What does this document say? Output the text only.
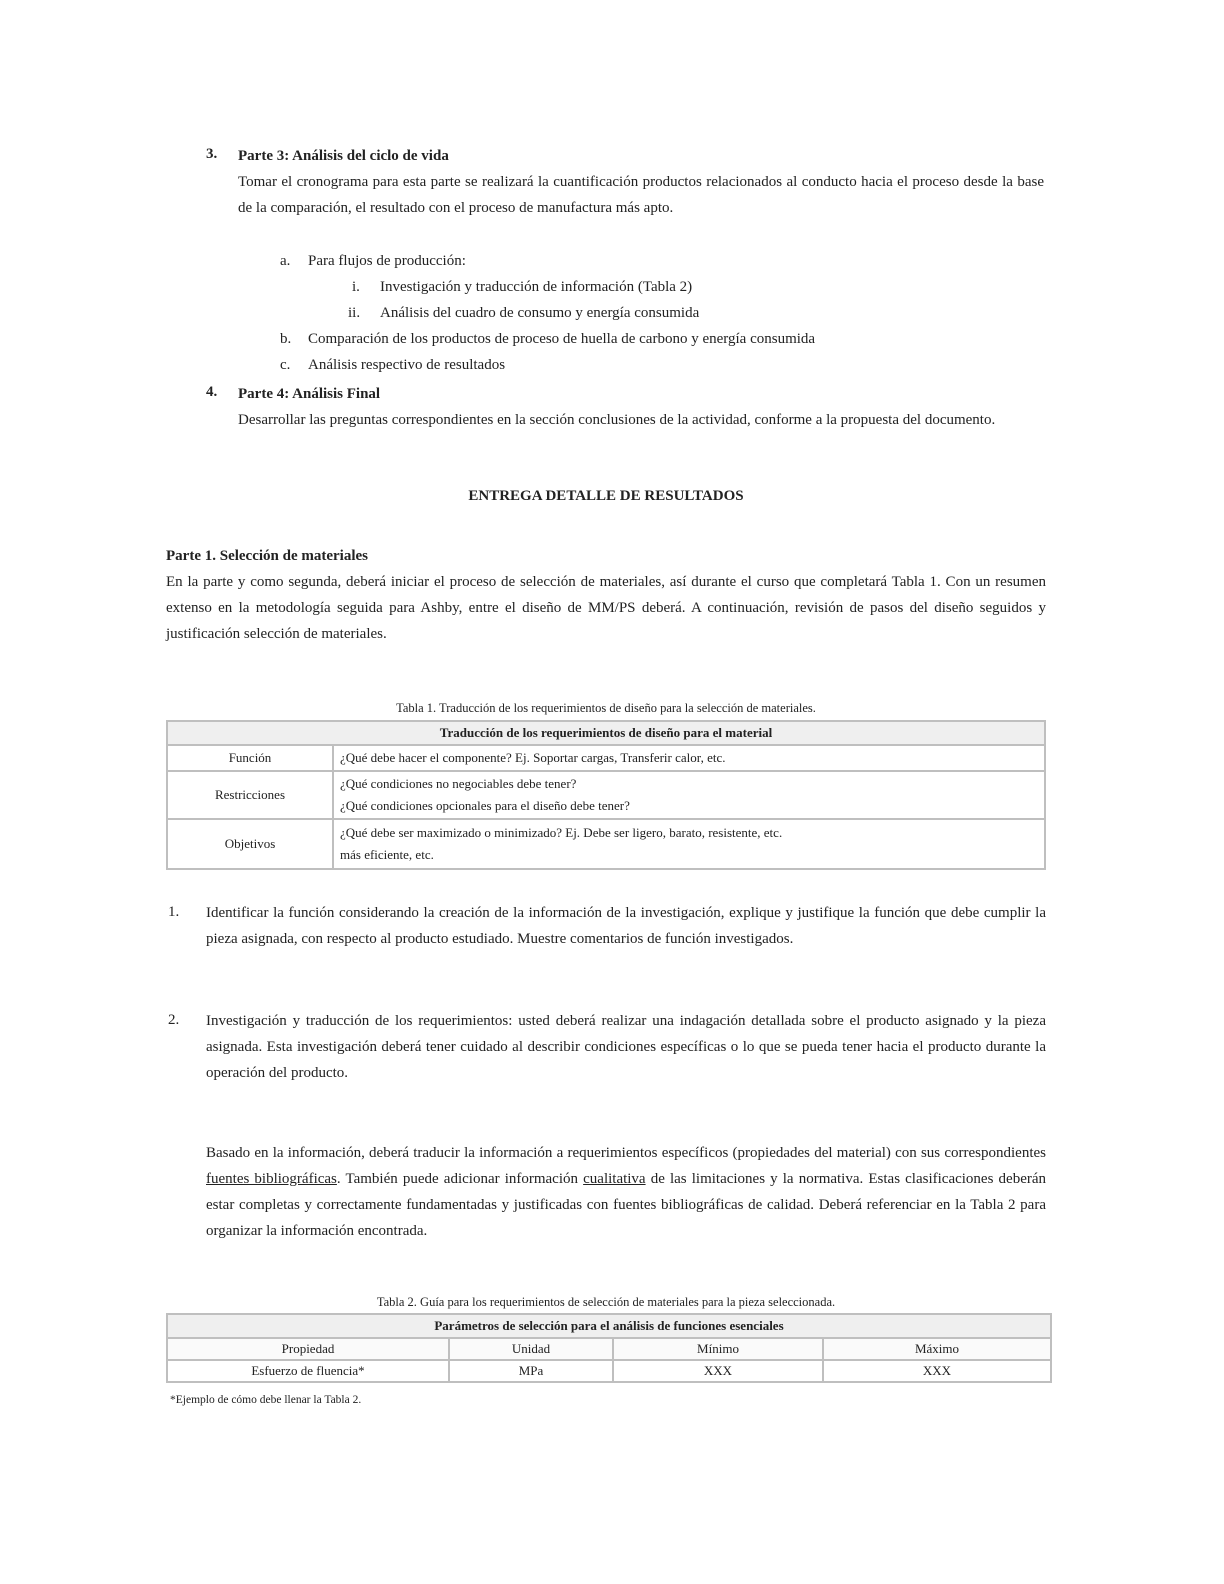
3. Parte 3: Análisis del ciclo de vida

Tomar el cronograma para esta parte se realizará la cuantificación productos relacionados al conducto hacia el proceso desde la base de la comparación, el resultado con el proceso de manufactura más apto.

a. Para flujos de producción:
i. Investigación y traducción de información (Tabla 2)
ii. Análisis del cuadro de consumo y energía consumida
b. Comparación de los productos de proceso de huella de carbono y energía consumida
c. Análisis respectivo de resultados
4. Parte 4: Análisis Final

Desarrollar las preguntas correspondientes en la sección conclusiones de la actividad, conforme a la propuesta del documento.

ENTREGA DETALLE DE RESULTADOS

Parte 1. Selección de materiales

En la parte y como segunda, deberá iniciar el proceso de selección de materiales, así durante el curso que completará Tabla 1. Con un resumen extenso en la metodología seguida para Ashby, entre el diseño de MM/PS deberá. A continuación, revisión de pasos del diseño seguidos y justificación selección de materiales.

Tabla 1. Traducción de los requerimientos de diseño para la selección de materiales.
Traducción de los requerimientos de diseño para el material	
Función	¿Qué debe hacer el componente? Ej. Soportar cargas, Transferir calor, etc.
Restricciones	¿Qué condiciones no negociables debe tener?
¿Qué condiciones opcionales para el diseño debe tener?

Objetivos	¿Qué debe ser maximizado o minimizado? Ej. Debe ser ligero, barato, resistente, etc.
más eficiente, etc.
1. Identificar la función considerando la creación de la información de la investigación, explique y justifique la función que debe cumplir la pieza asignada, con respecto al producto estudiado. Muestre comentarios de función investigados.

2. Investigación y traducción de los requerimientos: usted deberá realizar una indagación detallada sobre el producto asignado y la pieza asignada. Esta investigación deberá tener cuidado al describir condiciones específicas o lo que se pueda tener hacia el producto durante la operación del producto.

Basado en la información, deberá traducir la información a requerimientos específicos (propiedades del material) con sus correspondientes fuentes bibliográficas. También puede adicionar información cualitativa de las limitaciones y la normativa. Estas clasificaciones deberán estar completas y correctamente fundamentadas y justificadas con fuentes bibliográficas de calidad. Deberá referenciar en la Tabla 2 para organizar la información encontrada.

Tabla 2. Guía para los requerimientos de selección de materiales para la pieza seleccionada.
Parámetros de selección para el análisis de funciones esenciales			
Propiedad	Unidad	Mínimo	Máximo
Esfuerzo de fluencia*	MPa	XXX	XXX
*Ejemplo de cómo debe llenar la Tabla 2.
